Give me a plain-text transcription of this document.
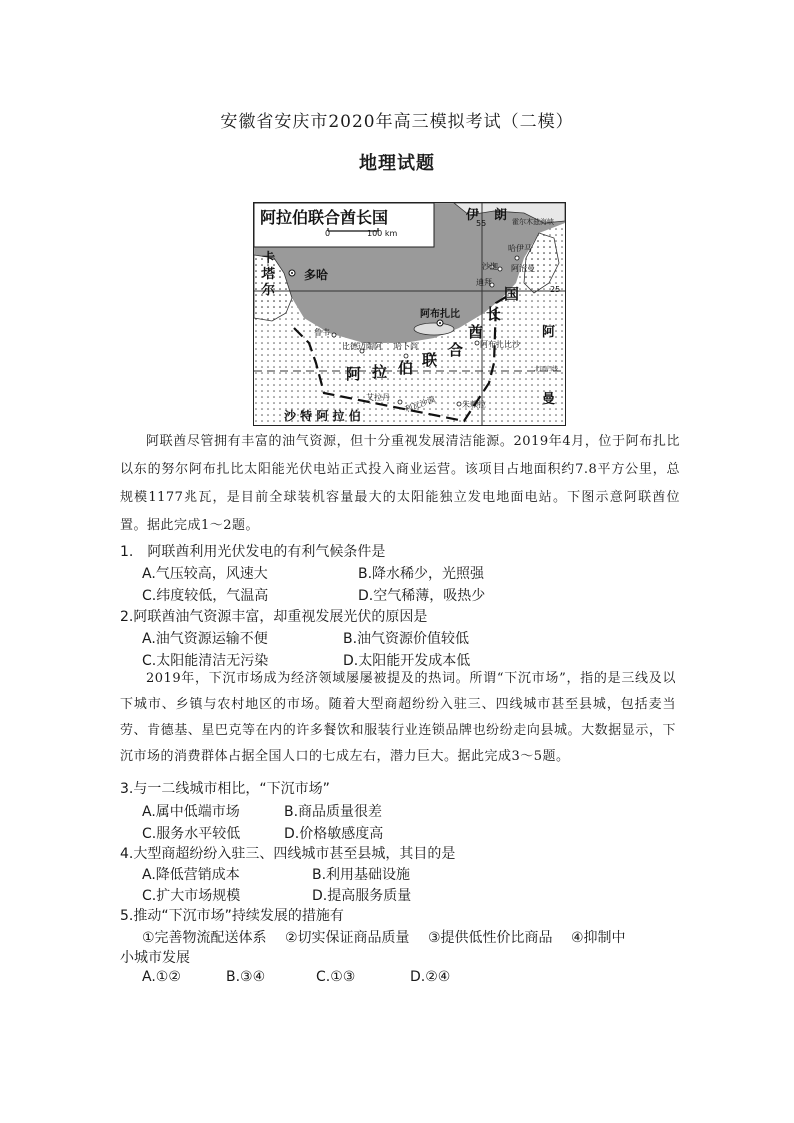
安徽省安庆市2020年高三模拟考试（二模）
地理试题
阿拉伯联合酋长国
0	100 km
55
25
伊 朗 霍尔木兹海峡
卡
塔
尔
多哈
哈伊马
沙迦 阿治曼
迪拜
阿布扎比
鲁韦
比德迈陶阿 哈卜尚	阿布扎比沙
北回归线
艾拉丹 利瓦沙漠	朱赖拉
阿
曼
沙 特 阿 拉 伯
阿 拉 伯 联
合
酋
长
国
阿联酋尽管拥有丰富的油气资源，但十分重视发展清洁能源。2019年4月，位于阿布扎比以东的努尔阿布扎比太阳能光伏电站正式投入商业运营。该项目占地面积约7.8平方公里，总规模1177兆瓦，是目前全球装机容量最大的太阳能独立发电地面电站。下图示意阿联酋位置。据此完成1～2题。
1.　阿联酋利用光伏发电的有利气候条件是
A.气压较高，风速大	B.降水稀少，光照强
C.纬度较低，气温高	D.空气稀薄，吸热少
2.阿联酋油气资源丰富，却重视发展光伏的原因是
A.油气资源运输不便	B.油气资源价值较低
C.太阳能清洁无污染	D.太阳能开发成本低
2019年，下沉市场成为经济领域屡屡被提及的热词。所谓“下沉市场”，指的是三线及以下城市、乡镇与农村地区的市场。随着大型商超纷纷入驻三、四线城市甚至县城，包括麦当劳、肯德基、星巴克等在内的许多餐饮和服装行业连锁品牌也纷纷走向县城。大数据显示，下沉市场的消费群体占据全国人口的七成左右，潜力巨大。据此完成3～5题。
3.与一二线城市相比，“下沉市场”
A.属中低端市场	B.商品质量很差
C.服务水平较低	D.价格敏感度高
4.大型商超纷纷入驻三、四线城市甚至县城，其目的是
A.降低营销成本	B.利用基础设施
C.扩大市场规模	D.提高服务质量
5.推动“下沉市场”持续发展的措施有
①完善物流配送体系　 ②切实保证商品质量　 ③提供低性价比商品　 ④抑制中
小城市发展
A.①②	B.③④	C.①③	D.②④
